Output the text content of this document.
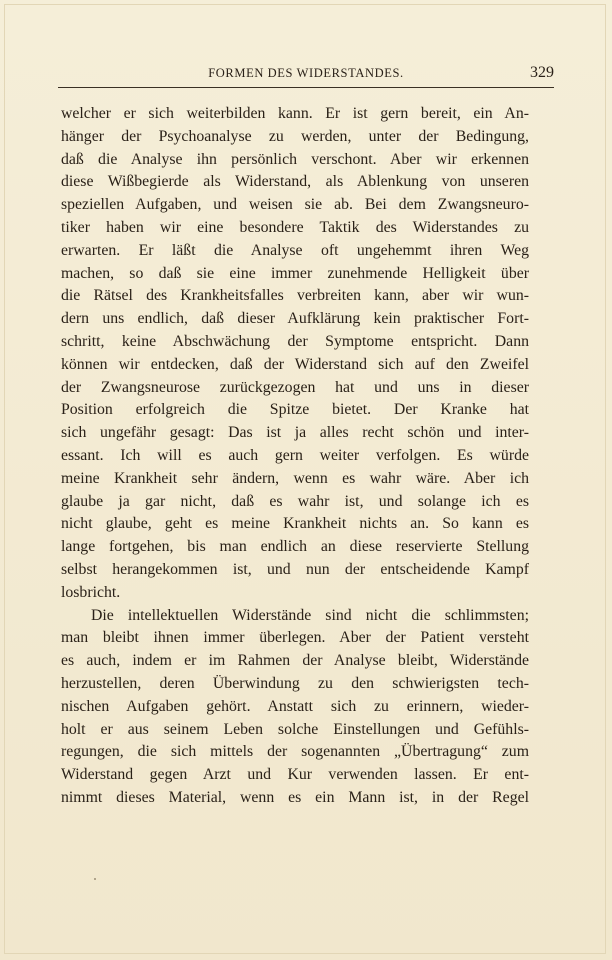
FORMEN DES WIDERSTANDES.	329
welcher er sich weiterbilden kann. Er ist gern bereit, ein An-
hänger der Psychoanalyse zu werden, unter der Bedingung,
daß die Analyse ihn persönlich verschont. Aber wir erkennen
diese Wißbegierde als Widerstand, als Ablenkung von unseren
speziellen Aufgaben, und weisen sie ab. Bei dem Zwangsneuro-
tiker haben wir eine besondere Taktik des Widerstandes zu
erwarten. Er läßt die Analyse oft ungehemmt ihren Weg
machen, so daß sie eine immer zunehmende Helligkeit über
die Rätsel des Krankheitsfalles verbreiten kann, aber wir wun-
dern uns endlich, daß dieser Aufklärung kein praktischer Fort-
schritt, keine Abschwächung der Symptome entspricht. Dann
können wir entdecken, daß der Widerstand sich auf den Zweifel
der Zwangsneurose zurückgezogen hat und uns in dieser
Position erfolgreich die Spitze bietet. Der Kranke hat
sich ungefähr gesagt: Das ist ja alles recht schön und inter-
essant. Ich will es auch gern weiter verfolgen. Es würde
meine Krankheit sehr ändern, wenn es wahr wäre. Aber ich
glaube ja gar nicht, daß es wahr ist, und solange ich es
nicht glaube, geht es meine Krankheit nichts an. So kann es
lange fortgehen, bis man endlich an diese reservierte Stellung
selbst herangekommen ist, und nun der entscheidende Kampf
losbricht.
Die intellektuellen Widerstände sind nicht die schlimmsten;
man bleibt ihnen immer überlegen. Aber der Patient versteht
es auch, indem er im Rahmen der Analyse bleibt, Widerstände
herzustellen, deren Überwindung zu den schwierigsten tech-
nischen Aufgaben gehört. Anstatt sich zu erinnern, wieder-
holt er aus seinem Leben solche Einstellungen und Gefühls-
regungen, die sich mittels der sogenannten „Übertragung“ zum
Widerstand gegen Arzt und Kur verwenden lassen. Er ent-
nimmt dieses Material, wenn es ein Mann ist, in der Regel
